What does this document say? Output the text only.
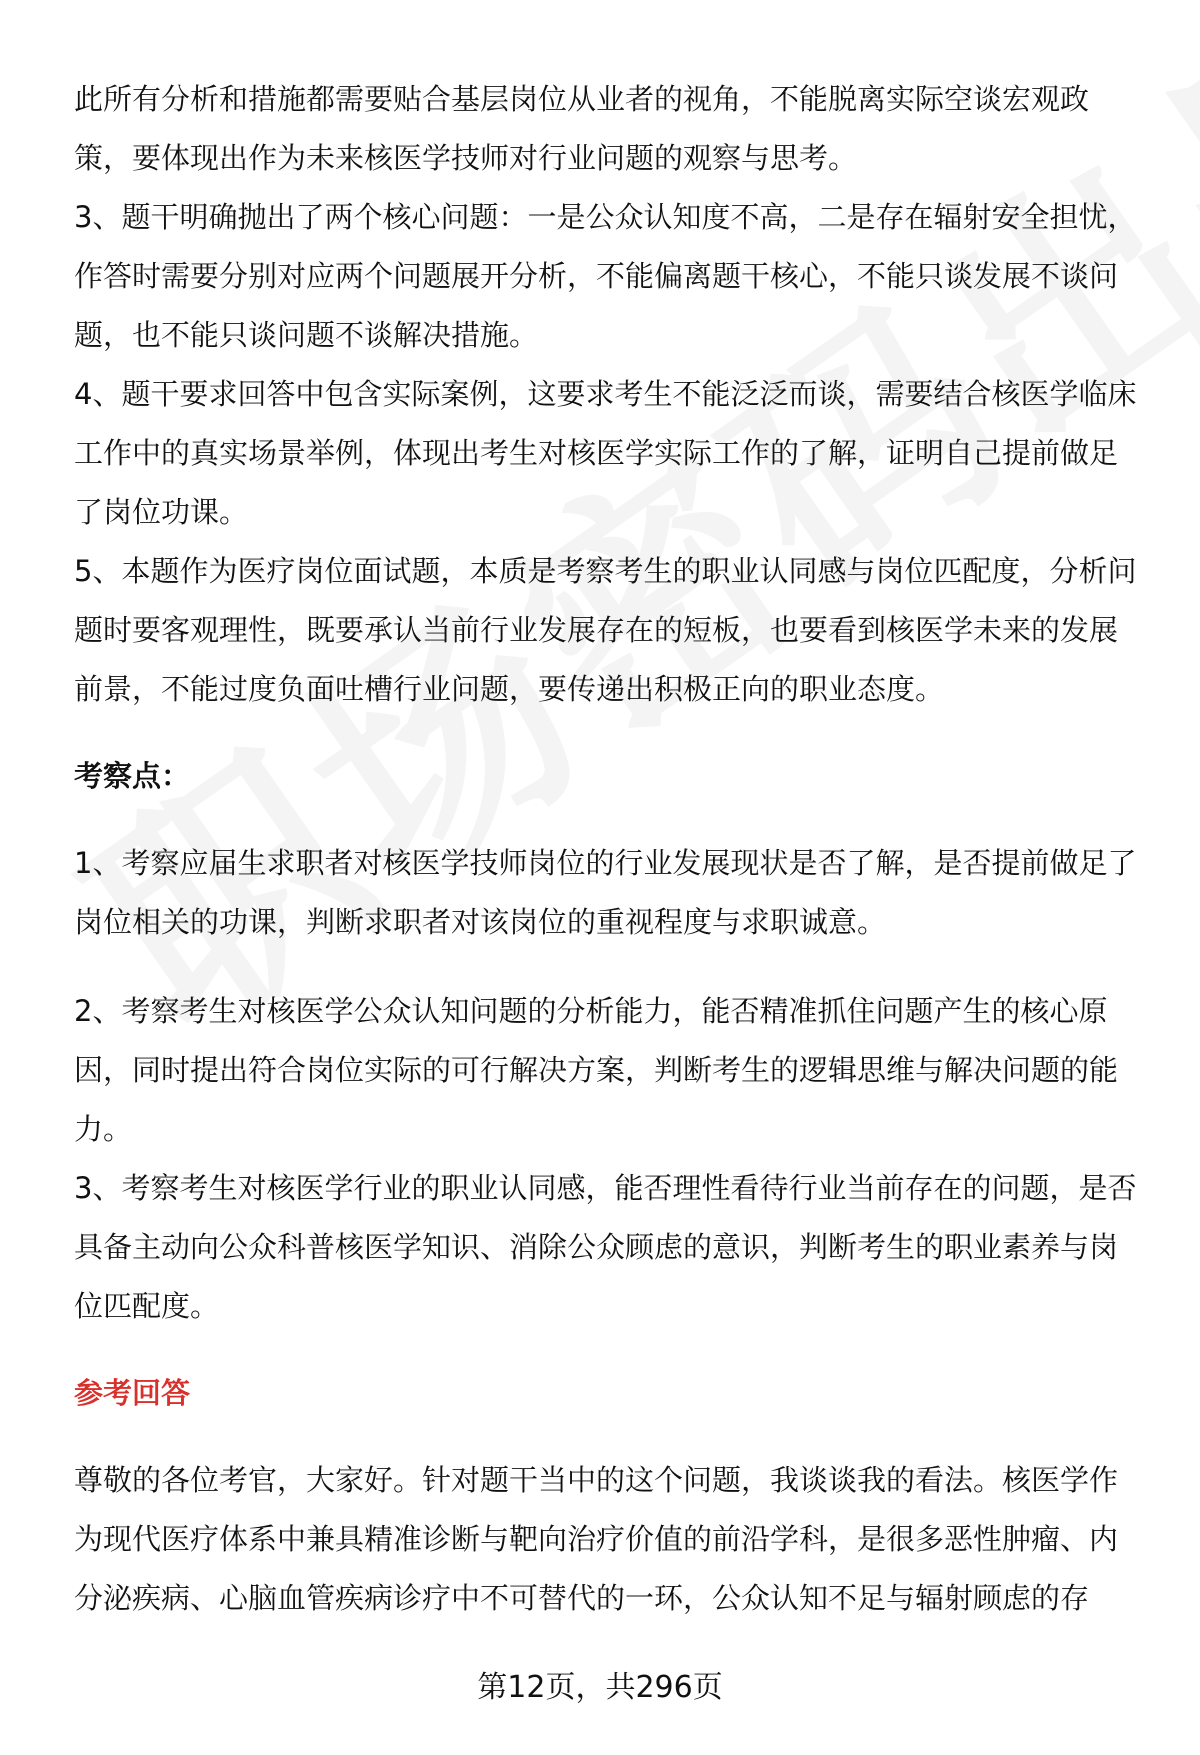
此所有分析和措施都需要贴合基层岗位从业者的视角，不能脱离实际空谈宏观政策，要体现出作为未来核医学技师对行业问题的观察与思考。

3、题干明确抛出了两个核心问题：一是公众认知度不高，二是存在辐射安全担忧，作答时需要分别对应两个问题展开分析，不能偏离题干核心，不能只谈发展不谈问题，也不能只谈问题不谈解决措施。

4、题干要求回答中包含实际案例，这要求考生不能泛泛而谈，需要结合核医学临床工作中的真实场景举例，体现出考生对核医学实际工作的了解，证明自己提前做足了岗位功课。

5、本题作为医疗岗位面试题，本质是考察考生的职业认同感与岗位匹配度，分析问题时要客观理性，既要承认当前行业发展存在的短板，也要看到核医学未来的发展前景，不能过度负面吐槽行业问题，要传递出积极正向的职业态度。

考察点：

1、考察应届生求职者对核医学技师岗位的行业发展现状是否了解，是否提前做足了岗位相关的功课，判断求职者对该岗位的重视程度与求职诚意。

2、考察考生对核医学公众认知问题的分析能力，能否精准抓住问题产生的核心原因，同时提出符合岗位实际的可行解决方案，判断考生的逻辑思维与解决问题的能力。

3、考察考生对核医学行业的职业认同感，能否理性看待行业当前存在的问题，是否具备主动向公众科普核医学知识、消除公众顾虑的意识，判断考生的职业素养与岗位匹配度。

参考回答

尊敬的各位考官，大家好。针对题干当中的这个问题，我谈谈我的看法。核医学作为现代医疗体系中兼具精准诊断与靶向治疗价值的前沿学科，是很多恶性肿瘤、内分泌疾病、心脑血管疾病诊疗中不可替代的一环，公众认知不足与辐射顾虑的存

第12页，共296页
